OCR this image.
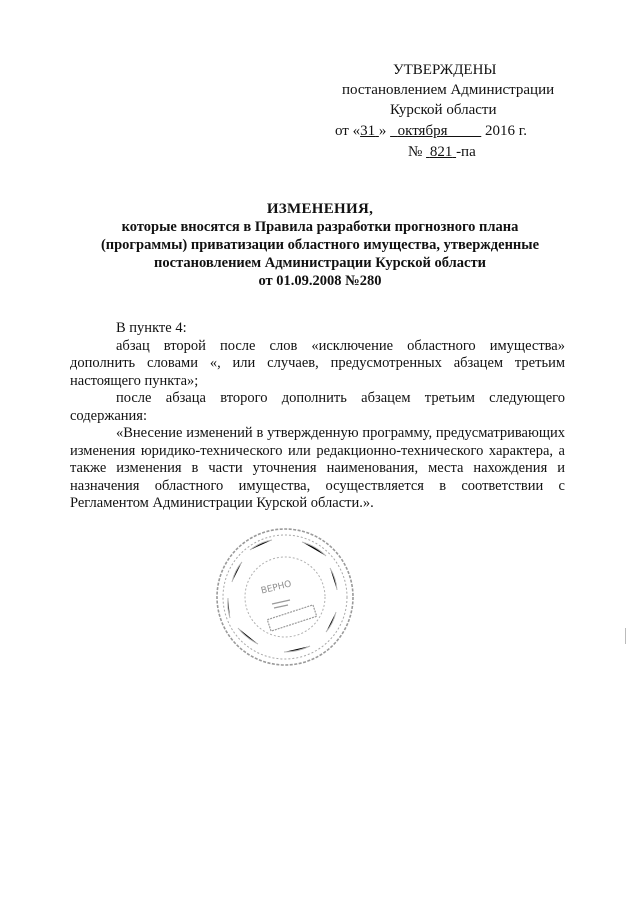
УТВЕРЖДЕНЫ
постановлением Администрации
Курской области
от «31 » октября	2016 г.
№ 821 -па
ИЗМЕНЕНИЯ,
которые вносятся в Правила разработки прогнозного плана
(программы) приватизации областного имущества, утвержденные
постановлением Администрации Курской области
от 01.09.2008 №280

В пункте 4:

абзац второй после слов «исключение областного имущества» дополнить словами «, или случаев, предусмотренных абзацем третьим настоящего пункта»;

после абзаца второго дополнить абзацем третьим следующего содержания:

«Внесение изменений в утвержденную программу, предусматривающих изменения юридико-технического или редакционно-технического характера, а также изменения в части уточнения наименования, места нахождения и назначения областного имущества, осуществляется в соответствии с Регламентом Администрации Курской области.».

ВЕРНО
